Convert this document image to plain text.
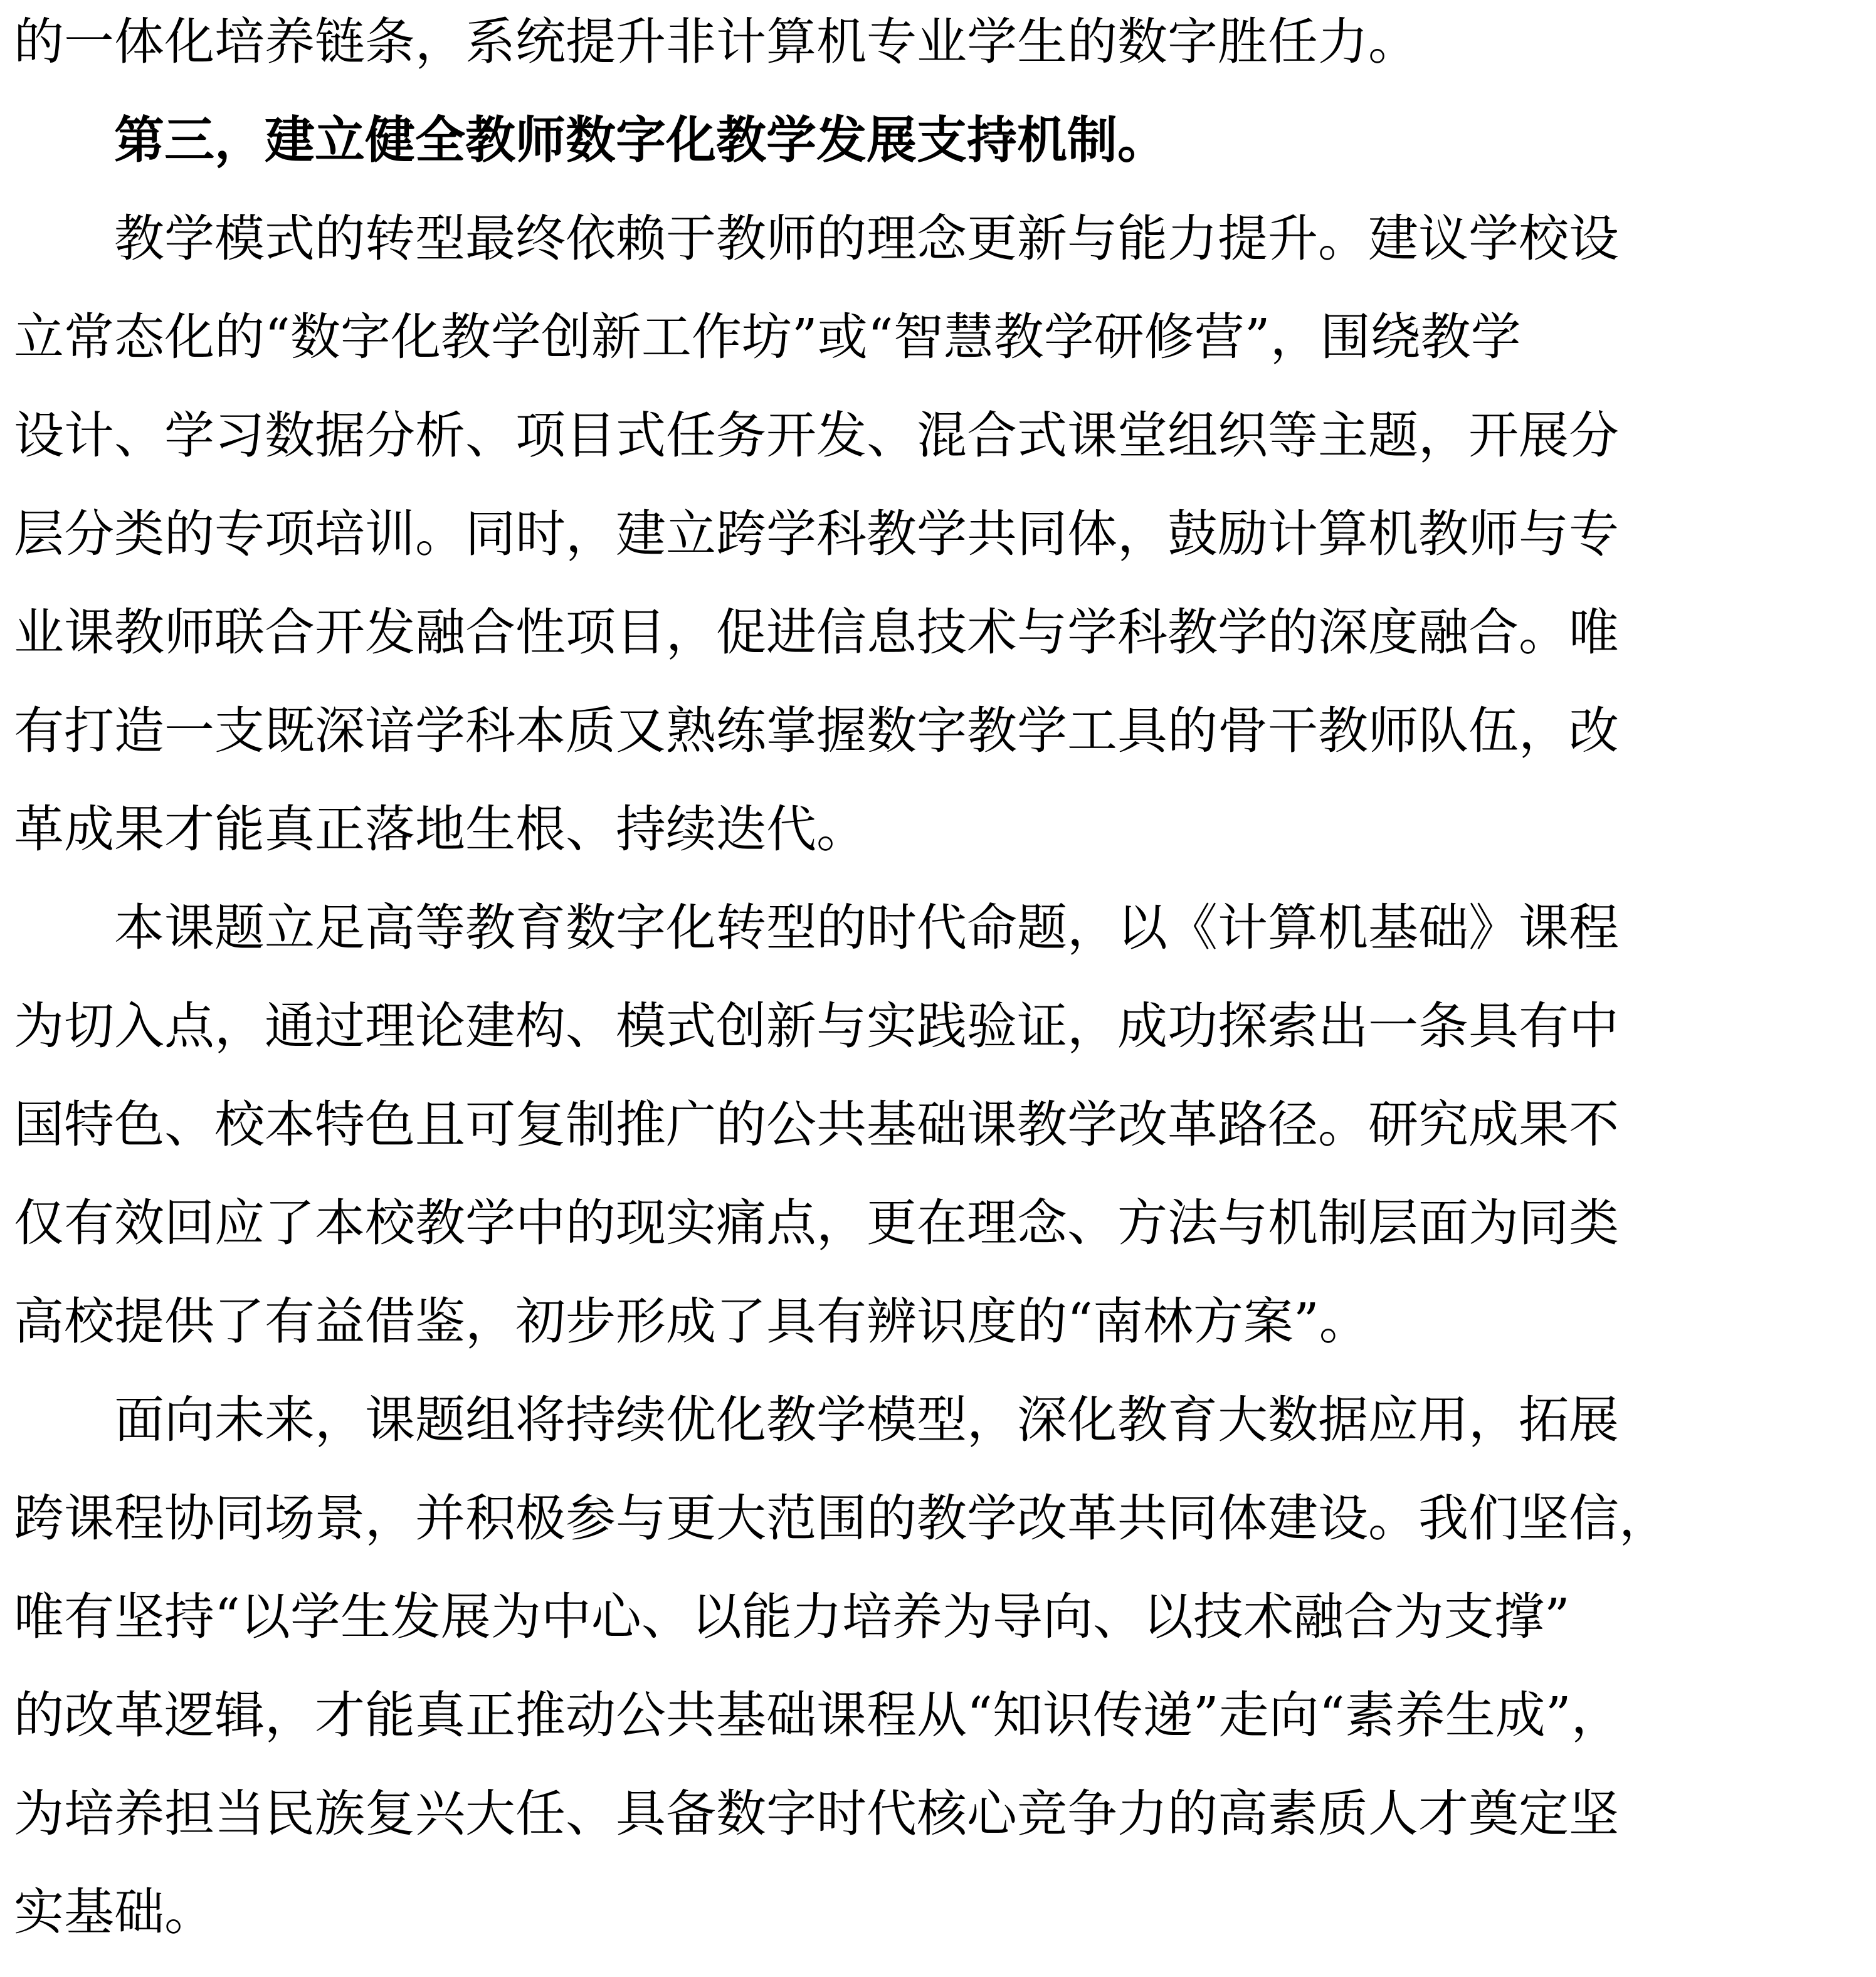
的一体化培养链条，系统提升非计算机专业学生的数字胜任力。

　　第三，建立健全教师数字化教学发展支持机制。

　　教学模式的转型最终依赖于教师的理念更新与能力提升。建议学校设

立常态化的“数字化教学创新工作坊”或“智慧教学研修营”，围绕教学

设计、学习数据分析、项目式任务开发、混合式课堂组织等主题，开展分

层分类的专项培训。同时，建立跨学科教学共同体，鼓励计算机教师与专

业课教师联合开发融合性项目，促进信息技术与学科教学的深度融合。唯

有打造一支既深谙学科本质又熟练掌握数字教学工具的骨干教师队伍，改

革成果才能真正落地生根、持续迭代。

　　本课题立足高等教育数字化转型的时代命题，以《计算机基础》课程

为切入点，通过理论建构、模式创新与实践验证，成功探索出一条具有中

国特色、校本特色且可复制推广的公共基础课教学改革路径。研究成果不

仅有效回应了本校教学中的现实痛点，更在理念、方法与机制层面为同类

高校提供了有益借鉴，初步形成了具有辨识度的“南林方案”。

　　面向未来，课题组将持续优化教学模型，深化教育大数据应用，拓展

跨课程协同场景，并积极参与更大范围的教学改革共同体建设。我们坚信，

唯有坚持“以学生发展为中心、以能力培养为导向、以技术融合为支撑”

的改革逻辑，才能真正推动公共基础课程从“知识传递”走向“素养生成”，

为培养担当民族复兴大任、具备数字时代核心竞争力的高素质人才奠定坚

实基础。
